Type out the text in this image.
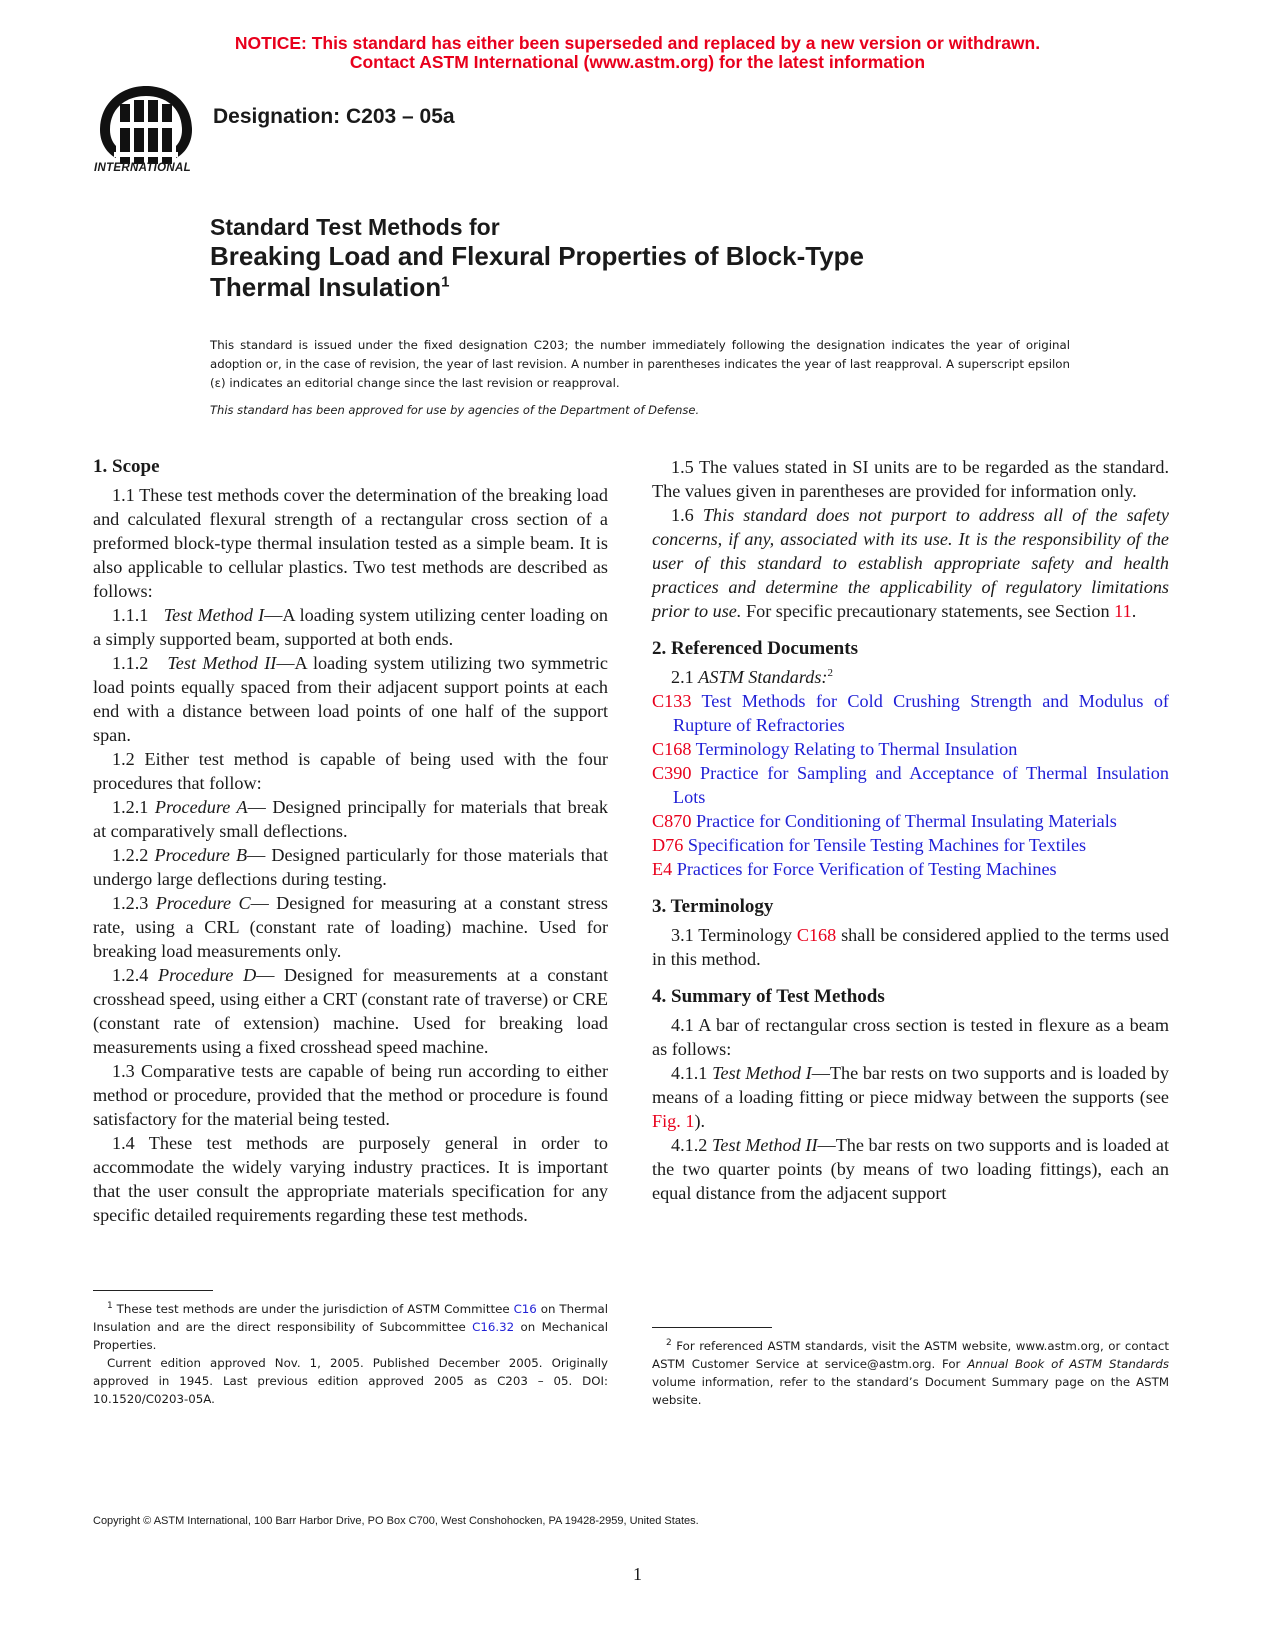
NOTICE: This standard has either been superseded and replaced by a new version or withdrawn.
Contact ASTM International (www.astm.org) for the latest information
INTERNATIONAL
Designation: C203 – 05a
Standard Test Methods for
Breaking Load and Flexural Properties of Block-Type
Thermal Insulation$^1$
This standard is issued under the fixed designation C203; the number immediately following the designation indicates the year of original adoption or, in the case of revision, the year of last revision. A number in parentheses indicates the year of last reapproval. A superscript epsilon (ε) indicates an editorial change since the last revision or reapproval.
This standard has been approved for use by agencies of the Department of Defense.
1. Scope

1.1 These test methods cover the determination of the breaking load and calculated flexural strength of a rectangular cross section of a preformed block-type thermal insulation tested as a simple beam. It is also applicable to cellular plastics. Two test methods are described as follows:

1.1.1 Test Method I—A loading system utilizing center loading on a simply supported beam, supported at both ends.

1.1.2 Test Method II—A loading system utilizing two symmetric load points equally spaced from their adjacent support points at each end with a distance between load points of one half of the support span.

1.2 Either test method is capable of being used with the four procedures that follow:

1.2.1 Procedure A— Designed principally for materials that break at comparatively small deflections.

1.2.2 Procedure B— Designed particularly for those materials that undergo large deflections during testing.

1.2.3 Procedure C— Designed for measuring at a constant stress rate, using a CRL (constant rate of loading) machine. Used for breaking load measurements only.

1.2.4 Procedure D— Designed for measurements at a constant crosshead speed, using either a CRT (constant rate of traverse) or CRE (constant rate of extension) machine. Used for breaking load measurements using a fixed crosshead speed machine.

1.3 Comparative tests are capable of being run according to either method or procedure, provided that the method or procedure is found satisfactory for the material being tested.

1.4 These test methods are purposely general in order to accommodate the widely varying industry practices. It is important that the user consult the appropriate materials specification for any specific detailed requirements regarding these test methods.

1.5 The values stated in SI units are to be regarded as the standard. The values given in parentheses are provided for information only.

1.6 This standard does not purport to address all of the safety concerns, if any, associated with its use. It is the responsibility of the user of this standard to establish appropriate safety and health practices and determine the applicability of regulatory limitations prior to use. For specific precautionary statements, see Section 11.

2. Referenced Documents

2.1 ASTM Standards:$^2$

C133 Test Methods for Cold Crushing Strength and Modulus of Rupture of Refractories

C168 Terminology Relating to Thermal Insulation

C390 Practice for Sampling and Acceptance of Thermal Insulation Lots

C870 Practice for Conditioning of Thermal Insulating Materials

D76 Specification for Tensile Testing Machines for Textiles

E4 Practices for Force Verification of Testing Machines

3. Terminology

3.1 Terminology C168 shall be considered applied to the terms used in this method.

4. Summary of Test Methods

4.1 A bar of rectangular cross section is tested in flexure as a beam as follows:

4.1.1 Test Method I—The bar rests on two supports and is loaded by means of a loading fitting or piece midway between the supports (see Fig. 1).

4.1.2 Test Method II—The bar rests on two supports and is loaded at the two quarter points (by means of two loading fittings), each an equal distance from the adjacent support

$^1$ These test methods are under the jurisdiction of ASTM Committee C16 on Thermal Insulation and are the direct responsibility of Subcommittee C16.32 on Mechanical Properties.

Current edition approved Nov. 1, 2005. Published December 2005. Originally approved in 1945. Last previous edition approved 2005 as C203 – 05. DOI: 10.1520/C0203-05A.

$^2$ For referenced ASTM standards, visit the ASTM website, www.astm.org, or contact ASTM Customer Service at service@astm.org. For Annual Book of ASTM Standards volume information, refer to the standard’s Document Summary page on the ASTM website.

Copyright © ASTM International, 100 Barr Harbor Drive, PO Box C700, West Conshohocken, PA 19428-2959, United States.
1
